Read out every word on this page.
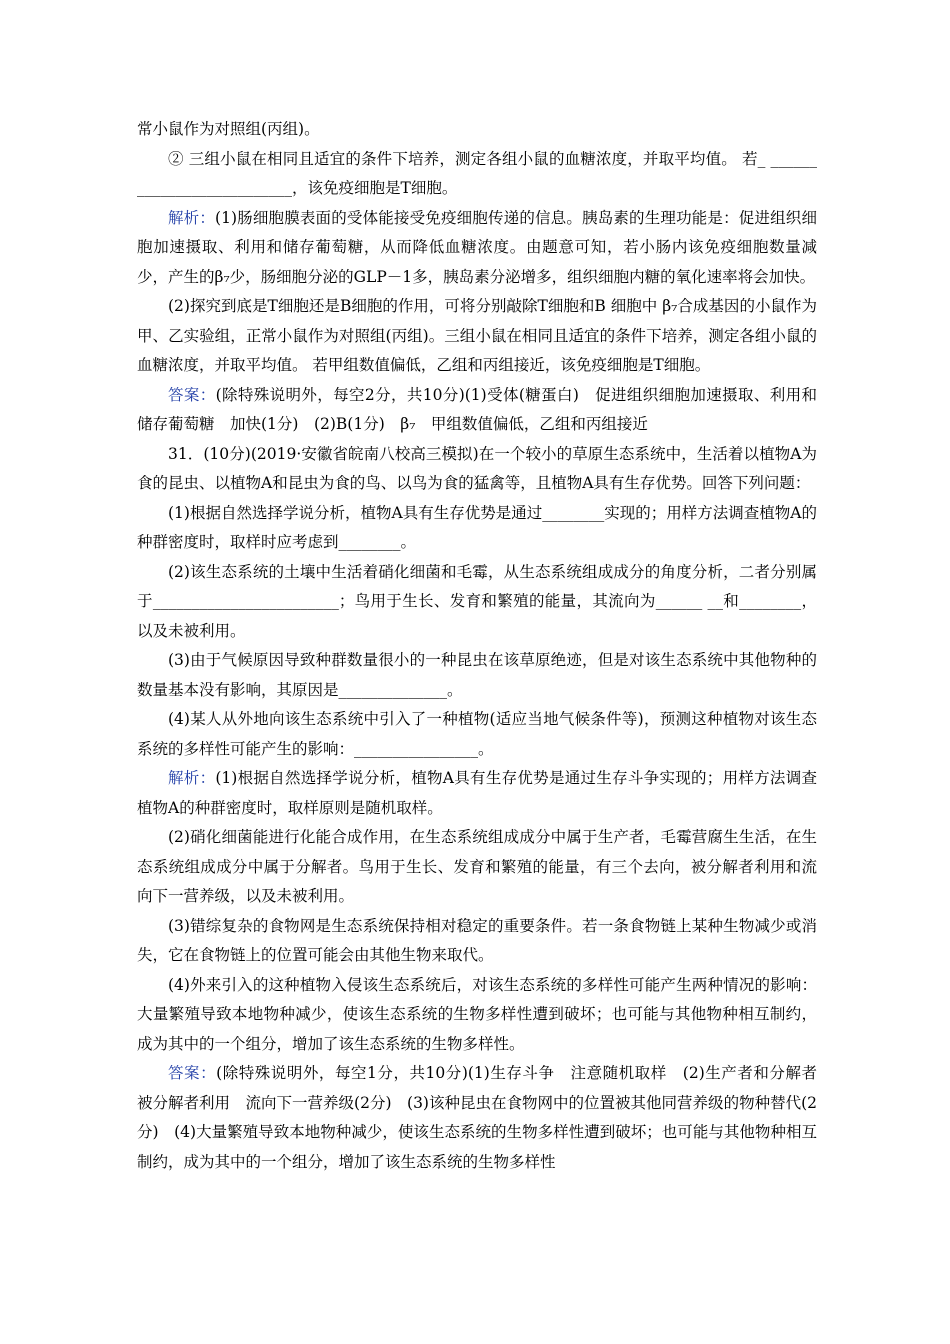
常小鼠作为对照组(丙组)。

② 三组小鼠在相同且适宜的条件下培养，测定各组小鼠的血糖浓度，并取平均值。 若_ __________________________，该免疫细胞是T细胞。

解析：(1)肠细胞膜表面的受体能接受免疫细胞传递的信息。胰岛素的生理功能是：促进组织细胞加速摄取、利用和储存葡萄糖，从而降低血糖浓度。由题意可知，若小肠内该免疫细胞数量减少，产生的β₇少，肠细胞分泌的GLP－1多，胰岛素分泌增多，组织细胞内糖的氧化速率将会加快。

(2)探究到底是T细胞还是B细胞的作用，可将分别敲除T细胞和B 细胞中 β₇合成基因的小鼠作为甲、乙实验组，正常小鼠作为对照组(丙组)。三组小鼠在相同且适宜的条件下培养，测定各组小鼠的血糖浓度，并取平均值。 若甲组数值偏低，乙组和丙组接近，该免疫细胞是T细胞。

答案：(除特殊说明外，每空2分，共10分)(1)受体(糖蛋白)　促进组织细胞加速摄取、利用和储存葡萄糖　加快(1分)　(2)B(1分)　β₇　甲组数值偏低，乙组和丙组接近

31．(10分)(2019·安徽省皖南八校高三模拟)在一个较小的草原生态系统中，生活着以植物A为食的昆虫、以植物A和昆虫为食的鸟、以鸟为食的猛禽等，且植物A具有生存优势。回答下列问题：

(1)根据自然选择学说分析，植物A具有生存优势是通过________实现的；用样方法调查植物A的种群密度时，取样时应考虑到________。

(2)该生态系统的土壤中生活着硝化细菌和毛霉，从生态系统组成成分的角度分析，二者分别属于________________________；鸟用于生长、发育和繁殖的能量，其流向为______ __和________，以及未被利用。

(3)由于气候原因导致种群数量很小的一种昆虫在该草原绝迹，但是对该生态系统中其他物种的数量基本没有影响，其原因是______________。

(4)某人从外地向该生态系统中引入了一种植物(适应当地气候条件等)，预测这种植物对该生态系统的多样性可能产生的影响：________________。

解析：(1)根据自然选择学说分析，植物A具有生存优势是通过生存斗争实现的；用样方法调查植物A的种群密度时，取样原则是随机取样。

(2)硝化细菌能进行化能合成作用，在生态系统组成成分中属于生产者，毛霉营腐生生活，在生态系统组成成分中属于分解者。鸟用于生长、发育和繁殖的能量，有三个去向，被分解者利用和流向下一营养级，以及未被利用。

(3)错综复杂的食物网是生态系统保持相对稳定的重要条件。若一条食物链上某种生物减少或消失，它在食物链上的位置可能会由其他生物来取代。

(4)外来引入的这种植物入侵该生态系统后，对该生态系统的多样性可能产生两种情况的影响：大量繁殖导致本地物种减少，使该生态系统的生物多样性遭到破坏；也可能与其他物种相互制约，成为其中的一个组分，增加了该生态系统的生物多样性。

答案：(除特殊说明外，每空1分，共10分)(1)生存斗争　注意随机取样　(2)生产者和分解者　被分解者利用　流向下一营养级(2分)　(3)该种昆虫在食物网中的位置被其他同营养级的物种替代(2分)　(4)大量繁殖导致本地物种减少，使该生态系统的生物多样性遭到破坏；也可能与其他物种相互制约，成为其中的一个组分，增加了该生态系统的生物多样性
